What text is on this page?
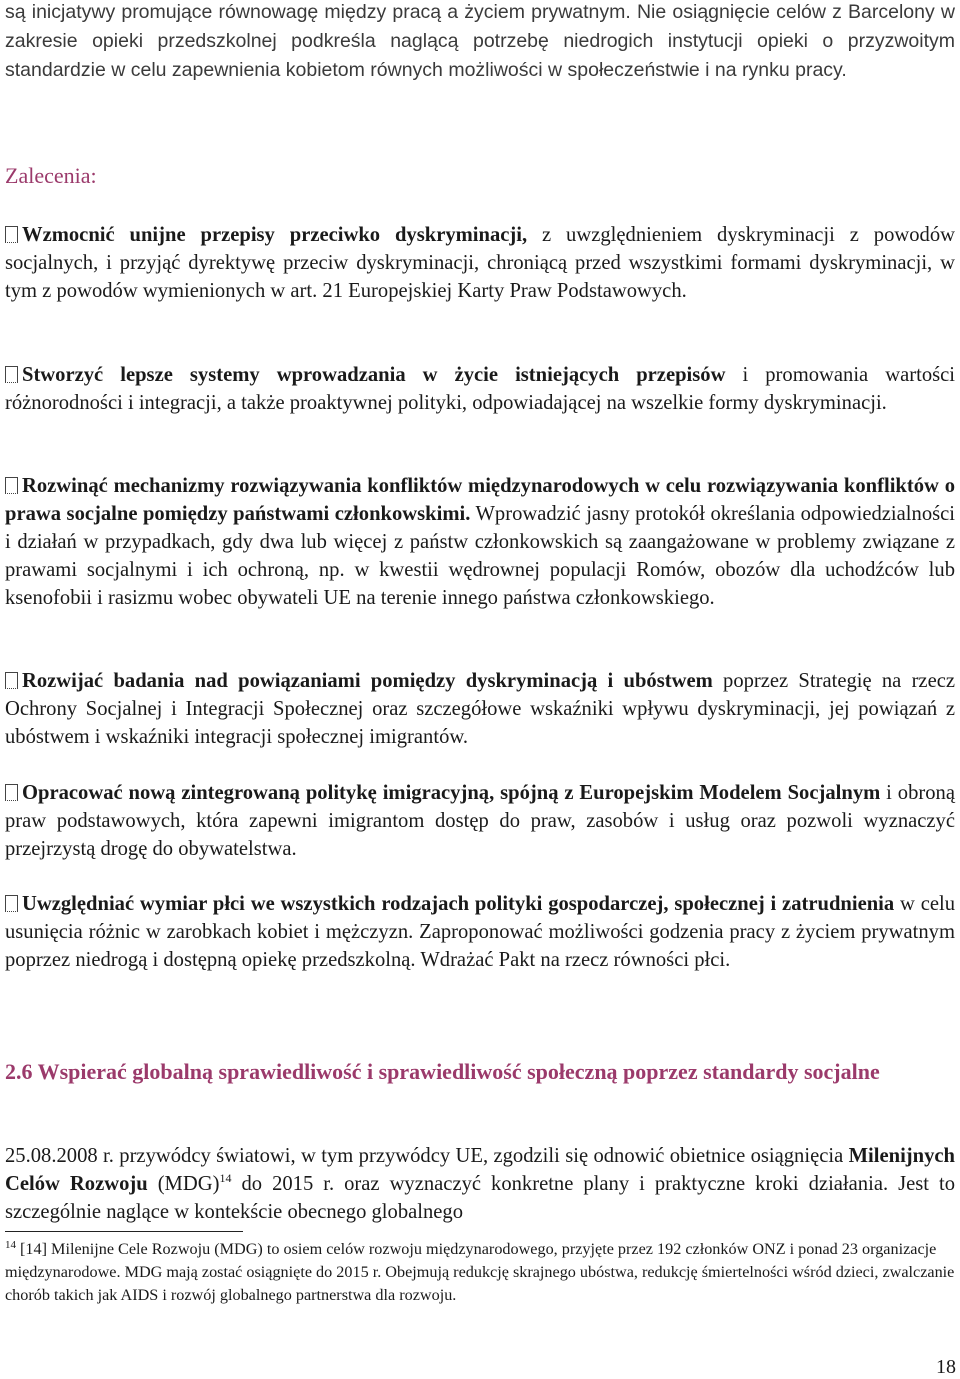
są inicjatywy promujące równowagę między pracą a życiem prywatnym. Nie osiągnięcie celów z Barcelony w zakresie opieki przedszkolnej podkreśla naglącą potrzebę niedrogich instytucji opieki o przyzwoitym standardzie w celu zapewnienia kobietom równych możliwości w społeczeństwie i na rynku pracy.

Zalecenia:

Wzmocnić unijne przepisy przeciwko dyskryminacji, z uwzględnieniem dyskryminacji z powodów socjalnych, i przyjąć dyrektywę przeciw dyskryminacji, chroniącą przed wszystkimi formami dyskryminacji, w tym z powodów wymienionych w art. 21 Europejskiej Karty Praw Podstawowych.

Stworzyć lepsze systemy wprowadzania w życie istniejących przepisów i promowania wartości różnorodności i integracji, a także proaktywnej polityki, odpowiadającej na wszelkie formy dyskryminacji.

Rozwinąć mechanizmy rozwiązywania konfliktów międzynarodowych w celu rozwiązywania konfliktów o prawa socjalne pomiędzy państwami członkowskimi. Wprowadzić jasny protokół określania odpowiedzialności i działań w przypadkach, gdy dwa lub więcej z państw członkowskich są zaangażowane w problemy związane z prawami socjalnymi i ich ochroną, np. w kwestii wędrownej populacji Romów, obozów dla uchodźców lub ksenofobii i rasizmu wobec obywateli UE na terenie innego państwa członkowskiego.

Rozwijać badania nad powiązaniami pomiędzy dyskryminacją i ubóstwem poprzez Strategię na rzecz Ochrony Socjalnej i Integracji Społecznej oraz szczegółowe wskaźniki wpływu dyskryminacji, jej powiązań z ubóstwem i wskaźniki integracji społecznej imigrantów.

Opracować nową zintegrowaną politykę imigracyjną, spójną z Europejskim Modelem Socjalnym i obroną praw podstawowych, która zapewni imigrantom dostęp do praw, zasobów i usług oraz pozwoli wyznaczyć przejrzystą drogę do obywatelstwa.

Uwzględniać wymiar płci we wszystkich rodzajach polityki gospodarczej, społecznej i zatrudnienia w celu usunięcia różnic w zarobkach kobiet i mężczyzn. Zaproponować możliwości godzenia pracy z życiem prywatnym poprzez niedrogą i dostępną opiekę przedszkolną. Wdrażać Pakt na rzecz równości płci.

2.6 Wspierać globalną sprawiedliwość i sprawiedliwość społeczną poprzez standardy socjalne

25.08.2008 r. przywódcy światowi, w tym przywódcy UE, zgodzili się odnowić obietnice osiągnięcia Milenijnych Celów Rozwoju (MDG)$^{14}$ do 2015 r. oraz wyznaczyć konkretne plany i praktyczne kroki działania. Jest to szczególnie naglące w kontekście obecnego globalnego

$^{14}$ [14] Milenijne Cele Rozwoju (MDG) to osiem celów rozwoju międzynarodowego, przyjęte przez 192 członków ONZ i ponad 23 organizacje międzynarodowe. MDG mają zostać osiągnięte do 2015 r. Obejmują redukcję skrajnego ubóstwa, redukcję śmiertelności wśród dzieci, zwalczanie chorób takich jak AIDS i rozwój globalnego partnerstwa dla rozwoju.

18
